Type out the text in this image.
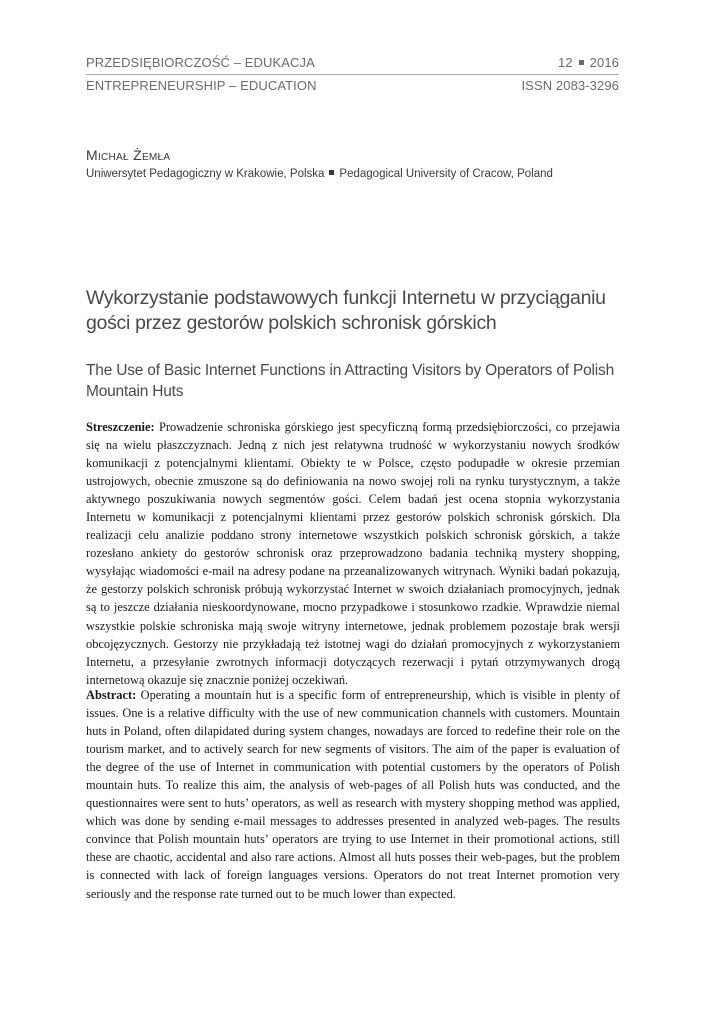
PRZEDSIĘBIORCZOŚĆ – EDUKACJA	12 2016
ENTREPRENEURSHIP – EDUCATION	ISSN 2083-3296
Michał Żemła
Uniwersytet Pedagogiczny w Krakowie, Polska Pedagogical University of Cracow, Poland
Wykorzystanie podstawowych funkcji Internetu w przyciąganiu gości przez gestorów polskich schronisk górskich
The Use of Basic Internet Functions in Attracting Visitors by Operators of Polish Mountain Huts

Streszczenie: Prowadzenie schroniska górskiego jest specyficzną formą przedsiębiorczości, co przejawia się na wielu płaszczyznach. Jedną z nich jest relatywna trudność w wykorzystaniu nowych środków komunikacji z potencjalnymi klientami. Obiekty te w Polsce, często podupadłe w okresie przemian ustrojowych, obecnie zmuszone są do definiowania na nowo swojej roli na rynku turystycznym, a także aktywnego poszukiwania nowych segmentów gości. Celem badań jest ocena stopnia wykorzystania Internetu w komunikacji z potencjalnymi klientami przez gestorów polskich schronisk górskich. Dla realizacji celu analizie poddano strony internetowe wszystkich polskich schronisk górskich, a także rozesłano ankiety do gestorów schronisk oraz przeprowadzono badania techniką mystery shopping, wysyłając wiadomości e-mail na adresy podane na przeanalizowanych witrynach. Wyniki badań pokazują, że gestorzy polskich schronisk próbują wykorzystać Internet w swoich działaniach promocyjnych, jednak są to jeszcze działania nieskoordynowane, mocno przypadkowe i stosunkowo rzadkie. Wprawdzie niemal wszystkie polskie schroniska mają swoje witryny internetowe, jednak problemem pozostaje brak wersji obcojęzycznych. Gestorzy nie przykładają też istotnej wagi do działań promocyjnych z wykorzystaniem Internetu, a przesyłanie zwrotnych informacji dotyczących rezerwacji i pytań otrzymywanych drogą internetową okazuje się znacznie poniżej oczekiwań.

Abstract: Operating a mountain hut is a specific form of entrepreneurship, which is visible in plenty of issues. One is a relative difficulty with the use of new communication channels with customers. Mountain huts in Poland, often dilapidated during system changes, nowadays are forced to redefine their role on the tourism market, and to actively search for new segments of visitors. The aim of the paper is evaluation of the degree of the use of Internet in communication with potential customers by the operators of Polish mountain huts. To realize this aim, the analysis of web-pages of all Polish huts was conducted, and the questionnaires were sent to huts’ operators, as well as research with mystery shopping method was applied, which was done by sending e-mail messages to addresses presented in analyzed web-pages. The results convince that Polish mountain huts’ operators are trying to use Internet in their promotional actions, still these are chaotic, accidental and also rare actions. Almost all huts posses their web-pages, but the problem is connected with lack of foreign languages versions. Operators do not treat Internet promotion very seriously and the response rate turned out to be much lower than expected.
